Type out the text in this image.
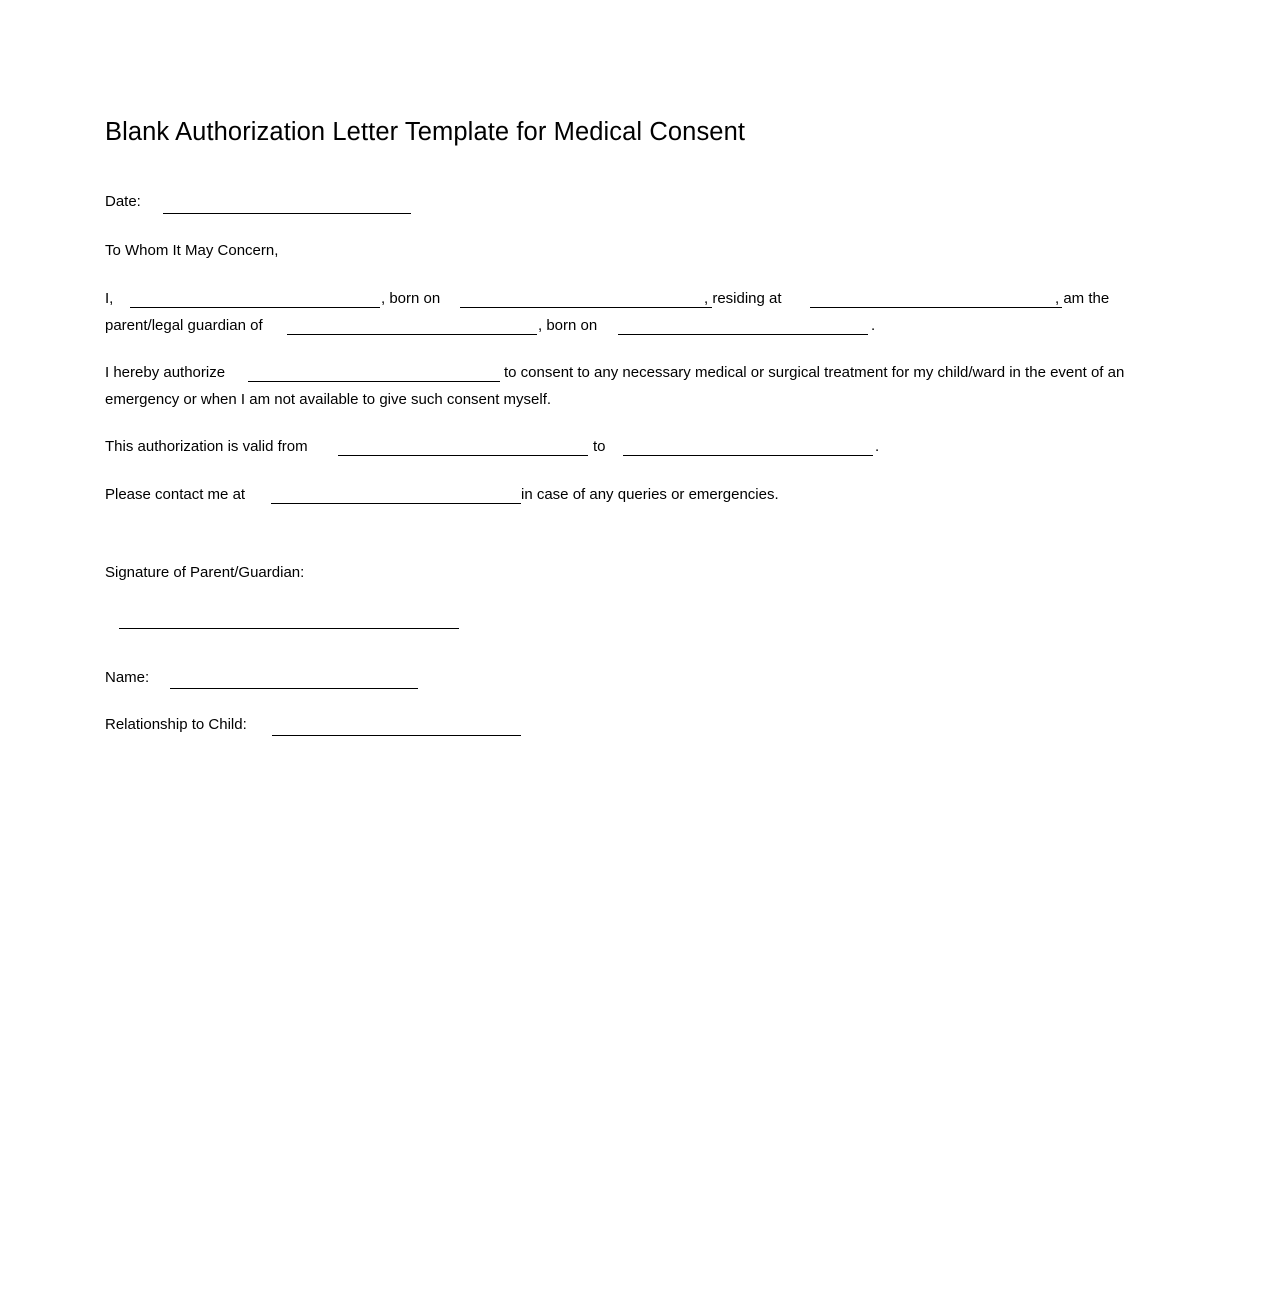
Blank Authorization Letter Template for Medical Consent
Date:
To Whom It May Concern,
I,	, born on	, residing at	, am the
parent/legal guardian of	, born on	.
I hereby authorize	to consent to any necessary medical or surgical treatment for my child/ward in the event of an
emergency or when I am not available to give such consent myself.
This authorization is valid from	to	.
Please contact me at	in case of any queries or emergencies.
Signature of Parent/Guardian:
Name:
Relationship to Child:
